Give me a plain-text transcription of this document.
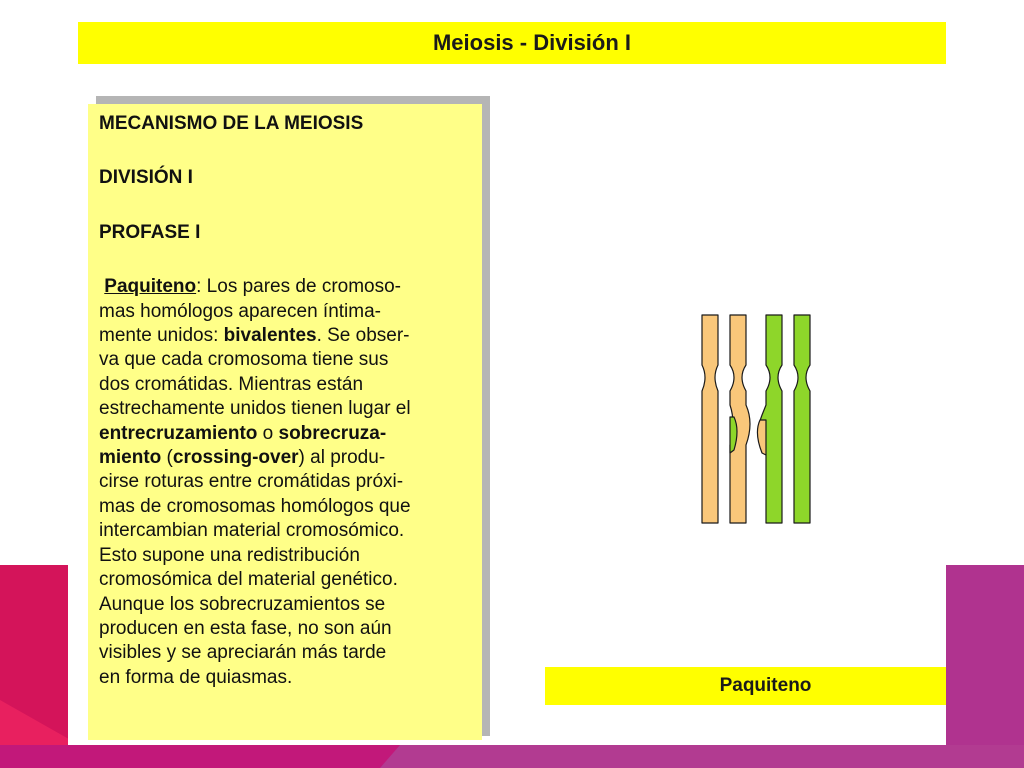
Meiosis - División I

MECANISMO DE LA MEIOSIS

DIVISIÓN I

PROFASE I

Paquiteno: Los pares de cromoso-
mas homólogos aparecen íntima-
mente unidos: bivalentes. Se obser-
va que cada cromosoma tiene sus
dos cromátidas. Mientras están
estrechamente unidos tienen lugar el
entrecruzamiento o sobrecruza-
miento (crossing-over) al produ-
cirse roturas entre cromátidas próxi-
mas de cromosomas homólogos que
intercambian material cromosómico.
Esto supone una redistribución
cromosómica del material genético.
Aunque los sobrecruzamientos se
producen en esta fase, no son aún
visibles y se apreciarán más tarde
en forma de quiasmas.	Paquiteno
